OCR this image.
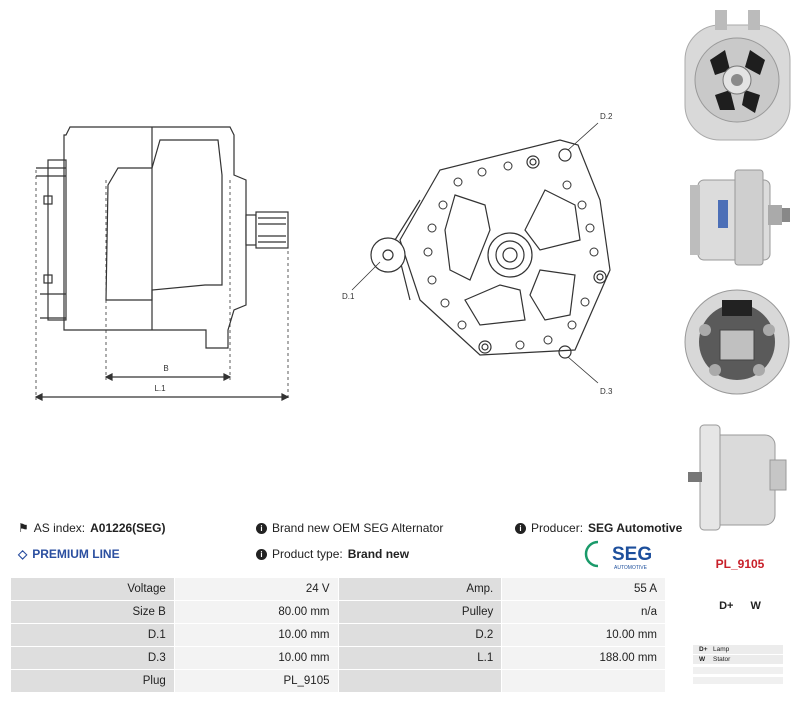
B
L.1
D.2
D.3
D.1
⚑ AS index: A01226(SEG)
◇ PREMIUM LINE
i Brand new OEM SEG Alternator
i Product type: Brand new
i Producer: SEG Automotive
SEG
AUTOMOTIVE
Voltage	24 V	Amp.	55 A
Size B	80.00 mm	Pulley	n/a
D.1	10.00 mm	D.2	10.00 mm
D.3	10.00 mm	L.1	188.00 mm
Plug	PL_9105		
PL_9105
D+ W
D+ Lamp
W	Stator
